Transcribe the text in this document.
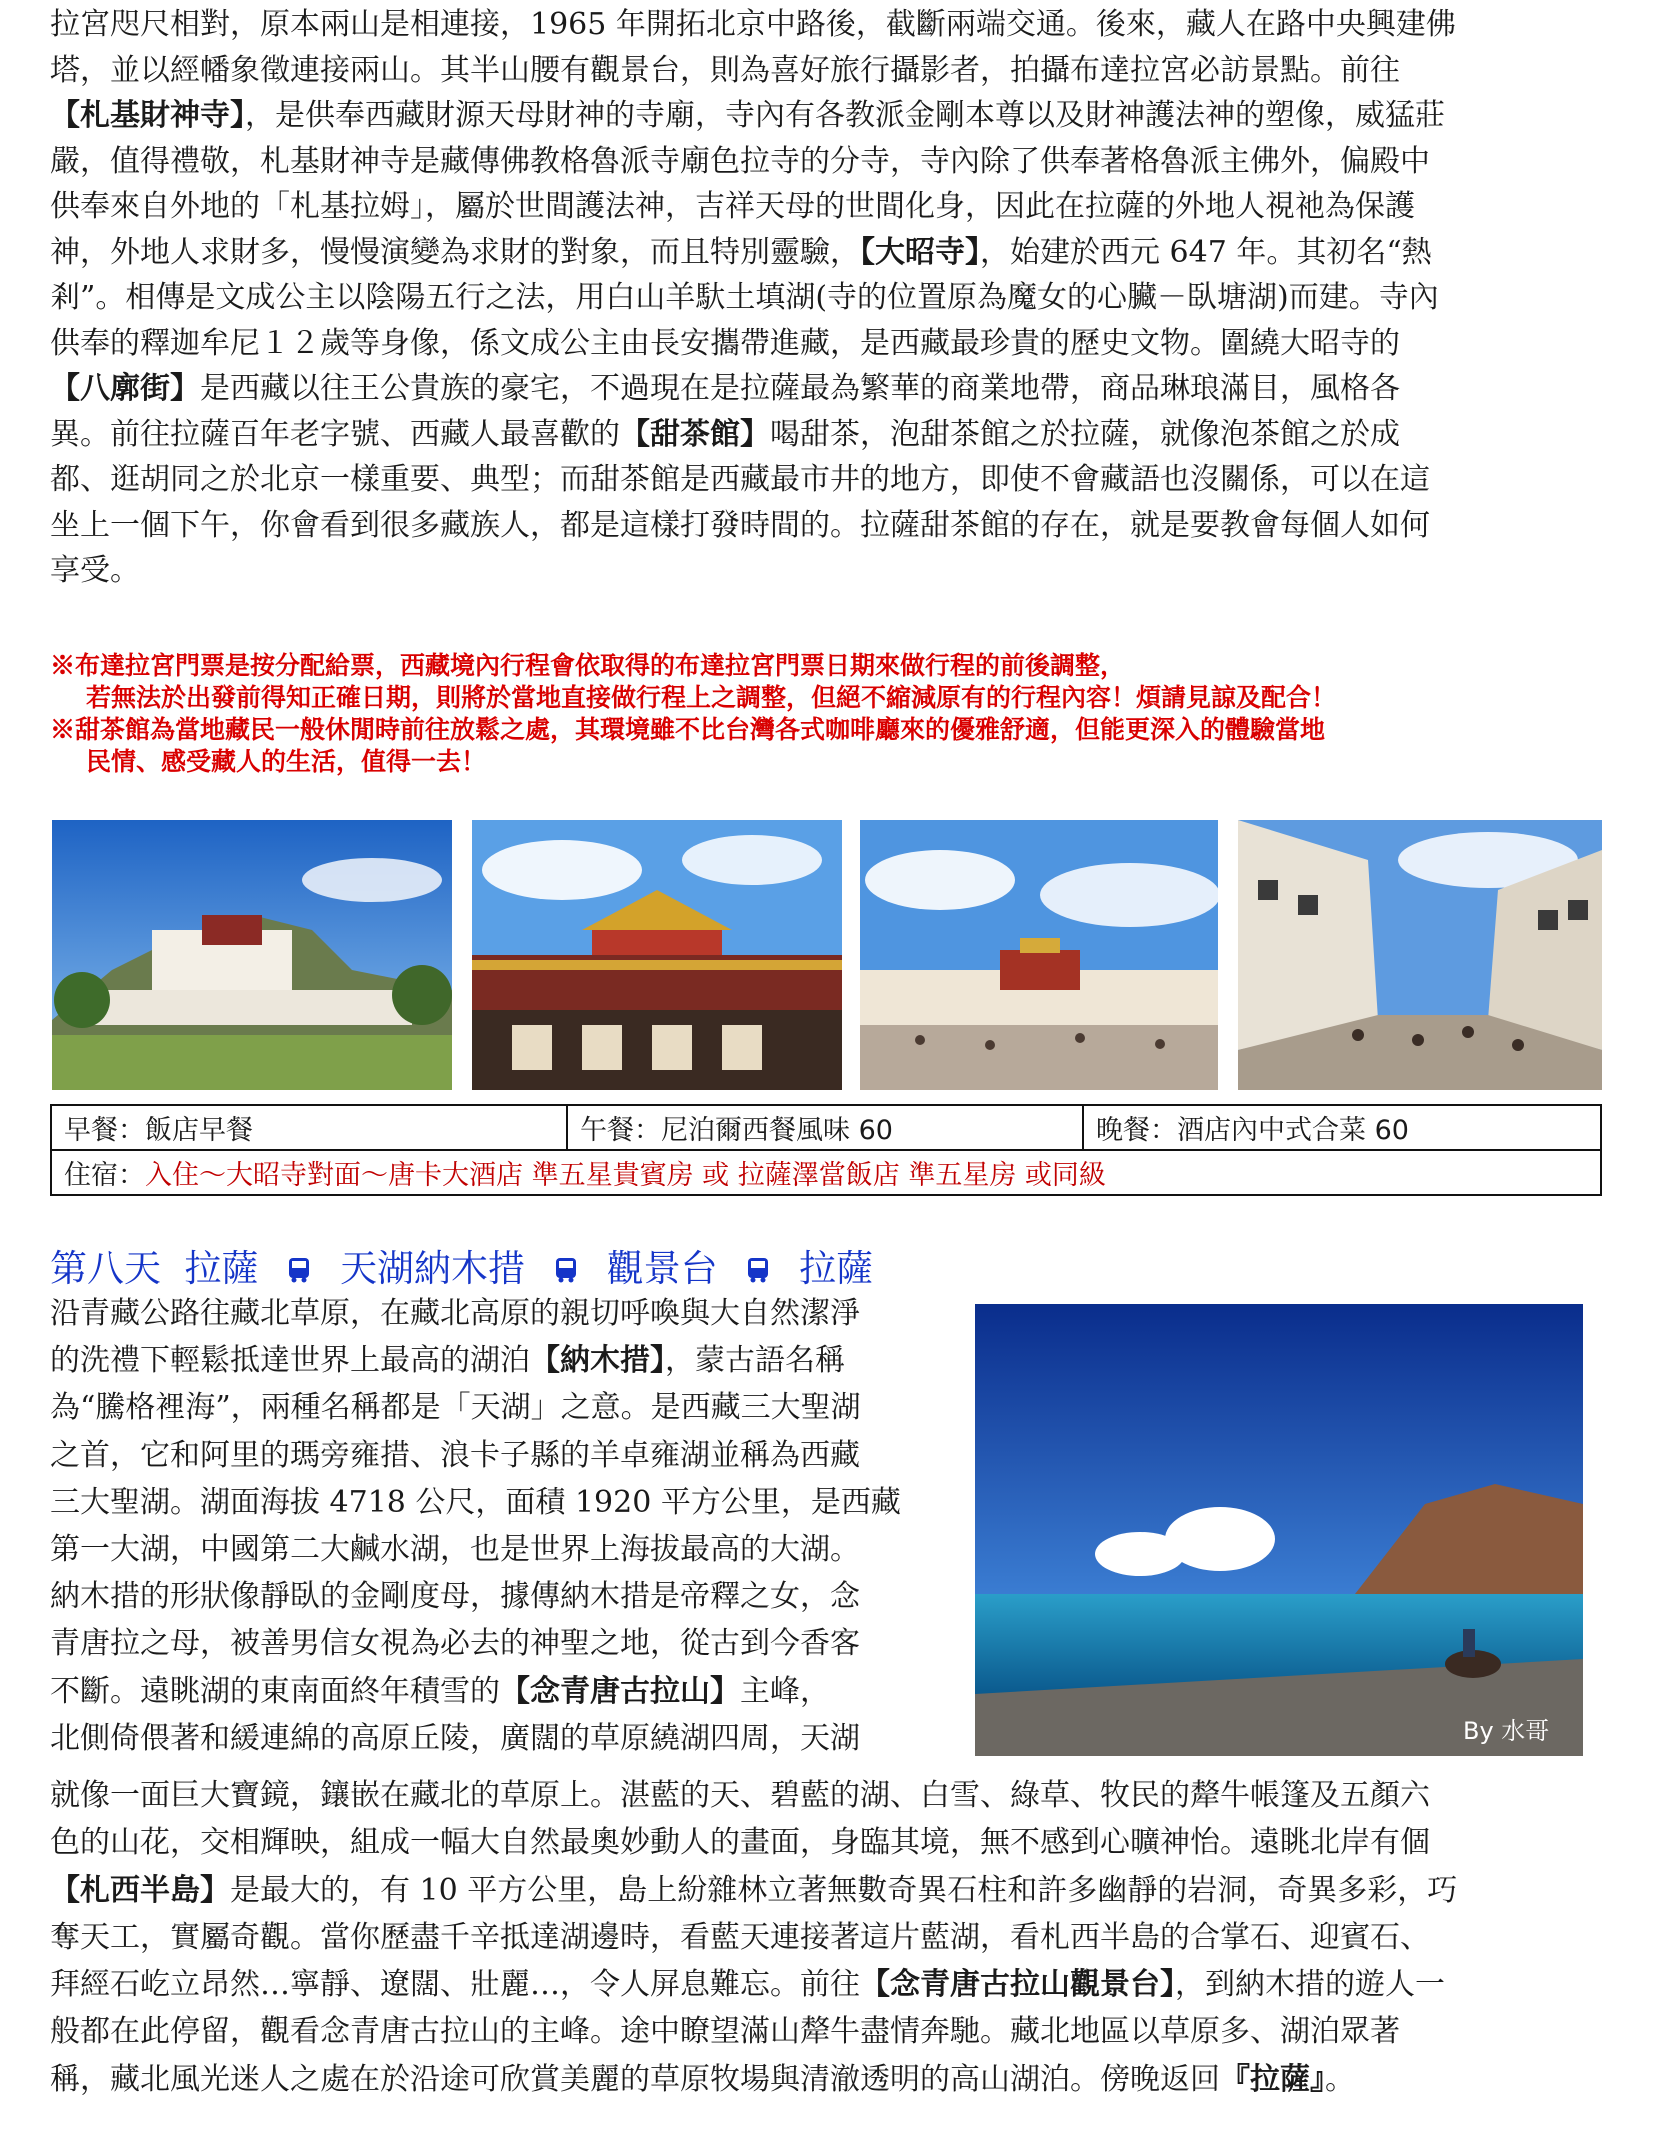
拉宮咫尺相對，原本兩山是相連接，1965 年開拓北京中路後，截斷兩端交通。後來，藏人在路中央興建佛
塔，並以經幡象徵連接兩山。其半山腰有觀景台，則為喜好旅行攝影者，拍攝布達拉宮必訪景點。前往
【札基財神寺】，是供奉西藏財源天母財神的寺廟，寺內有各教派金剛本尊以及財神護法神的塑像，威猛莊
嚴，值得禮敬，札基財神寺是藏傳佛教格魯派寺廟色拉寺的分寺，寺內除了供奉著格魯派主佛外，偏殿中
供奉來自外地的「札基拉姆」，屬於世間護法神，吉祥天母的世間化身，因此在拉薩的外地人視祂為保護
神，外地人求財多，慢慢演變為求財的對象，而且特別靈驗，【大昭寺】，始建於西元 647 年。其初名“熱
剎”。相傳是文成公主以陰陽五行之法，用白山羊馱土填湖(寺的位置原為魔女的心臟－臥塘湖)而建。寺內
供奉的釋迦牟尼１２歲等身像，係文成公主由長安攜帶進藏，是西藏最珍貴的歷史文物。圍繞大昭寺的
【八廓街】是西藏以往王公貴族的豪宅，不過現在是拉薩最為繁華的商業地帶，商品琳琅滿目，風格各
異。前往拉薩百年老字號、西藏人最喜歡的【甜茶館】喝甜茶，泡甜茶館之於拉薩，就像泡茶館之於成
都、逛胡同之於北京一樣重要、典型；而甜茶館是西藏最市井的地方，即使不會藏語也沒關係，可以在這
坐上一個下午，你會看到很多藏族人，都是這樣打發時間的。拉薩甜茶館的存在，就是要教會每個人如何
享受。

※布達拉宮門票是按分配給票，西藏境內行程會依取得的布達拉宮門票日期來做行程的前後調整，

若無法於出發前得知正確日期，則將於當地直接做行程上之調整，但絕不縮減原有的行程內容！煩請見諒及配合！

※甜茶館為當地藏民一般休閒時前往放鬆之處，其環境雖不比台灣各式咖啡廳來的優雅舒適，但能更深入的體驗當地

民情、感受藏人的生活，值得一去！

早餐：飯店早餐	午餐：尼泊爾西餐風味 60	晚餐：酒店內中式合菜 60
住宿：入住～大昭寺對面～唐卡大酒店 準五星貴賓房 或 拉薩澤當飯店 準五星房 或同級
第八天 拉薩 天湖納木措 觀景台 拉薩

沿青藏公路往藏北草原，在藏北高原的親切呼喚與大自然潔淨
的洗禮下輕鬆抵達世界上最高的湖泊【納木措】，蒙古語名稱
為“騰格裡海”，兩種名稱都是「天湖」之意。是西藏三大聖湖
之首，它和阿里的瑪旁雍措、浪卡子縣的羊卓雍湖並稱為西藏
三大聖湖。湖面海拔 4718 公尺，面積 1920 平方公里，是西藏
第一大湖，中國第二大鹹水湖，也是世界上海拔最高的大湖。
納木措的形狀像靜臥的金剛度母，據傳納木措是帝釋之女，念
青唐拉之母，被善男信女視為必去的神聖之地，從古到今香客
不斷。遠眺湖的東南面終年積雪的【念青唐古拉山】主峰，
北側倚偎著和緩連綿的高原丘陵，廣闊的草原繞湖四周，天湖	By 水哥

就像一面巨大寶鏡，鑲嵌在藏北的草原上。湛藍的天、碧藍的湖、白雪、綠草、牧民的犛牛帳篷及五顏六
色的山花，交相輝映，組成一幅大自然最奧妙動人的畫面，身臨其境，無不感到心曠神怡。遠眺北岸有個
【札西半島】是最大的，有 10 平方公里，島上紛雜林立著無數奇異石柱和許多幽靜的岩洞，奇異多彩，巧
奪天工，實屬奇觀。當你歷盡千辛抵達湖邊時，看藍天連接著這片藍湖，看札西半島的合掌石、迎賓石、
拜經石屹立昂然…寧靜、遼闊、壯麗…，令人屏息難忘。前往【念青唐古拉山觀景台】，到納木措的遊人一
般都在此停留，觀看念青唐古拉山的主峰。途中瞭望滿山犛牛盡情奔馳。藏北地區以草原多、湖泊眾著
稱，藏北風光迷人之處在於沿途可欣賞美麗的草原牧場與清澈透明的高山湖泊。傍晚返回『拉薩』。
